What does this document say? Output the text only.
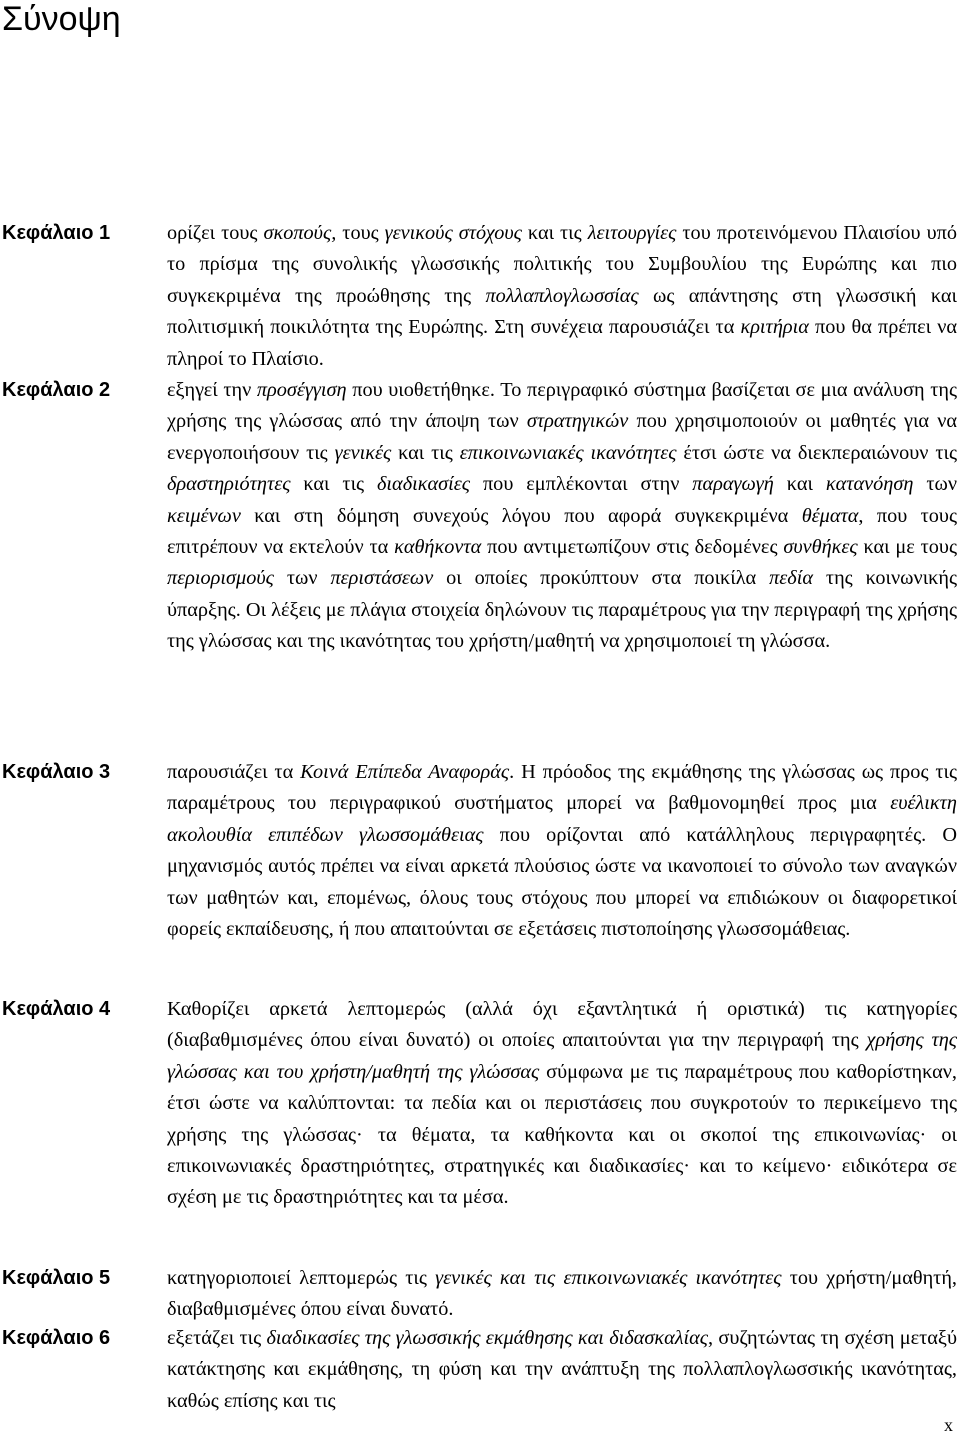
Σύνοψη
Κεφάλαιο 1	ορίζει τους σκοπούς, τους γενικούς στόχους και τις λειτουργίες του προτεινόμενου Πλαισίου υπό το πρίσμα της συνολικής γλωσσικής πολιτικής του Συμβουλίου της Ευρώπης και πιο συγκεκριμένα της προώθησης της πολλαπλογλωσσίας ως απάντησης στη γλωσσική και πολιτισμική ποικιλότητα της Ευρώπης. Στη συνέχεια παρουσιάζει τα κριτήρια που θα πρέπει να πληροί το Πλαίσιο.

Κεφάλαιο 2	εξηγεί την προσέγγιση που υιοθετήθηκε. Το περιγραφικό σύστημα βασίζεται σε μια ανάλυση της χρήσης της γλώσσας από την άποψη των στρατηγικών που χρησιμοποιούν οι μαθητές για να ενεργοποιήσουν τις γενικές και τις επικοινωνιακές ικανότητες έτσι ώστε να διεκπεραιώνουν τις δραστηριότητες και τις διαδικασίες που εμπλέκονται στην παραγωγή και κατανόηση των κειμένων και στη δόμηση συνεχούς λόγου που αφορά συγκεκριμένα θέματα, που τους επιτρέπουν να εκτελούν τα καθήκοντα που αντιμετωπίζουν στις δεδομένες συνθήκες και με τους περιορισμούς των περιστάσεων οι οποίες προκύπτουν στα ποικίλα πεδία της κοινωνικής ύπαρξης. Οι λέξεις με πλάγια στοιχεία δηλώνουν τις παραμέτρους για την περιγραφή της χρήσης της γλώσσας και της ικανότητας του χρήστη/μαθητή να χρησιμοποιεί τη γλώσσα.

Κεφάλαιο 3	παρουσιάζει τα Κοινά Επίπεδα Αναφοράς. Η πρόοδος της εκμάθησης της γλώσσας ως προς τις παραμέτρους του περιγραφικού συστήματος μπορεί να βαθμονομηθεί προς μια ευέλικτη ακολουθία επιπέδων γλωσσομάθειας που ορίζονται από κατάλληλους περιγραφητές. Ο μηχανισμός αυτός πρέπει να είναι αρκετά πλούσιος ώστε να ικανοποιεί το σύνολο των αναγκών των μαθητών και, επομένως, όλους τους στόχους που μπορεί να επιδιώκουν οι διαφορετικοί φορείς εκπαίδευσης, ή που απαιτούνται σε εξετάσεις πιστοποίησης γλωσσομάθειας.

Κεφάλαιο 4	Καθορίζει αρκετά λεπτομερώς (αλλά όχι εξαντλητικά ή οριστικά) τις κατηγορίες (διαβαθμισμένες όπου είναι δυνατό) οι οποίες απαιτούνται για την περιγραφή της χρήσης της γλώσσας και του χρήστη/μαθητή της γλώσσας σύμφωνα με τις παραμέτρους που καθορίστηκαν, έτσι ώστε να καλύπτονται: τα πεδία και οι περιστάσεις που συγκροτούν το περικείμενο της χρήσης της γλώσσας· τα θέματα, τα καθήκοντα και οι σκοποί της επικοινωνίας· οι επικοινωνιακές δραστηριότητες, στρατηγικές και διαδικασίες· και το κείμενο· ειδικότερα σε σχέση με τις δραστηριότητες και τα μέσα.

Κεφάλαιο 5	κατηγοριοποιεί λεπτομερώς τις γενικές και τις επικοινωνιακές ικανότητες του χρήστη/μαθητή, διαβαθμισμένες όπου είναι δυνατό.

Κεφάλαιο 6	εξετάζει τις διαδικασίες της γλωσσικής εκμάθησης και διδασκαλίας, συζητώντας τη σχέση μεταξύ κατάκτησης και εκμάθησης, τη φύση και την ανάπτυξη της πολλαπλογλωσσικής ικανότητας, καθώς επίσης και τις

x
